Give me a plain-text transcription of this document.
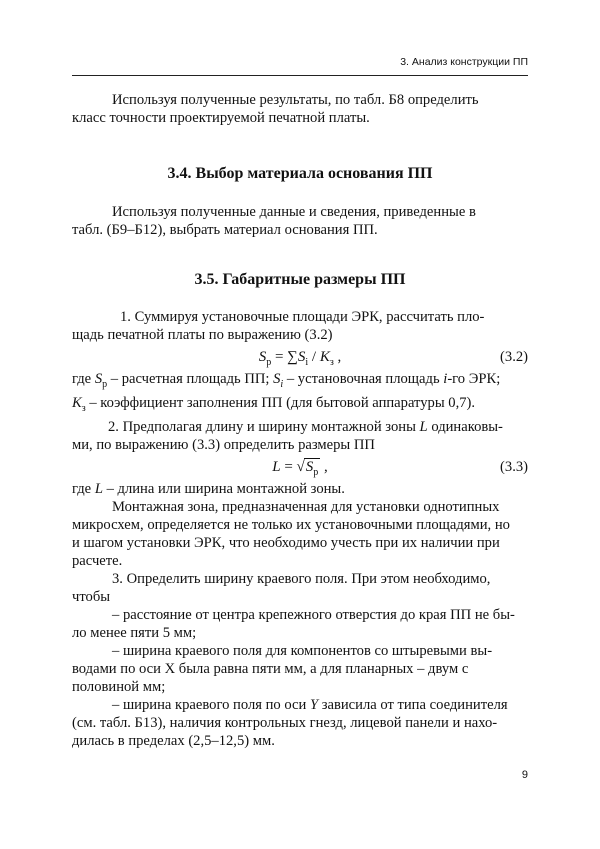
3. Анализ конструкции ПП

Используя полученные результаты, по табл. Б8 определить

класс точности проектируемой печатной платы.

3.4. Выбор материала основания ПП

Используя полученные данные и сведения, приведенные в

табл. (Б9–Б12), выбрать материал основания ПП.

3.5. Габаритные размеры ПП

1. Суммируя установочные площади ЭРК, рассчитать пло-

щадь печатной платы по выражению (3.2)

$S_р = \sum S_i / K_з$ ,	(3.2)

где $S_р$ – расчетная площадь ПП; $S_i$ – установочная площадь i-го ЭРК;

$K_з$ – коэффициент заполнения ПП (для бытовой аппаратуры 0,7).

2. Предполагая длину и ширину монтажной зоны L одинаковы-

ми, по выражению (3.3) определить размеры ПП

$L = √S_р$ ,	(3.3)

где L – длина или ширина монтажной зоны.

Монтажная зона, предназначенная для установки однотипных

микросхем, определяется не только их установочными площадями, но

и шагом установки ЭРК, что необходимо учесть при их наличии при

расчете.

3. Определить ширину краевого поля. При этом необходимо,

чтобы

– расстояние от центра крепежного отверстия до края ПП не бы-

ло менее пяти 5 мм;

– ширина краевого поля для компонентов со штыревыми вы-

водами по оси X была равна пяти мм, а для планарных – двум с

половиной мм;

– ширина краевого поля по оси Y зависила от типа соединителя

(см. табл. Б13), наличия контрольных гнезд, лицевой панели и нахо-

дилась в пределах (2,5–12,5) мм.

9
